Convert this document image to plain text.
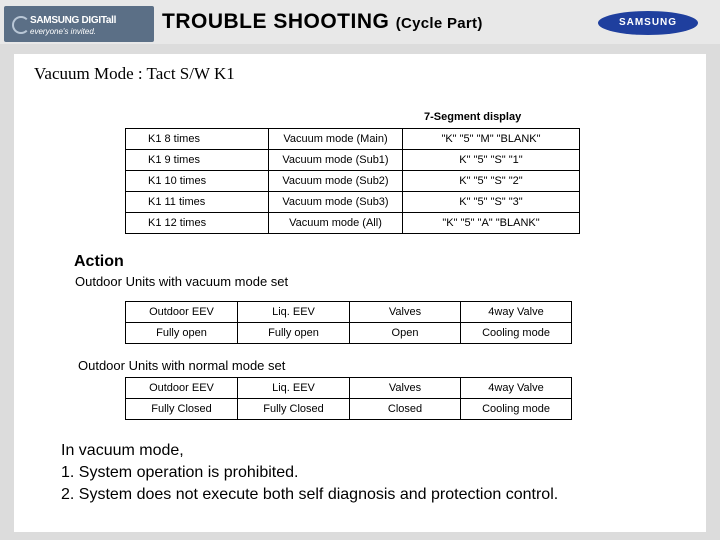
SAMSUNG DIGITall
everyone's invited.	TROUBLE SHOOTING (Cycle Part)	SAMSUNG
Vacuum Mode : Tact S/W K1
7-Segment display
K1 8 times	Vacuum mode (Main)	"K" "5" "M" "BLANK"
K1 9 times	Vacuum mode (Sub1)	K" "5" "S" "1"
K1 10 times	Vacuum mode (Sub2)	K" "5" "S" "2"
K1 11 times	Vacuum mode (Sub3)	K" "5" "S" "3"
K1 12 times	Vacuum mode (All)	"K" "5" "A" "BLANK"
Action
Outdoor Units with vacuum mode set
Outdoor EEV	Liq. EEV	Valves	4way Valve
Fully open	Fully open	Open	Cooling mode
Outdoor Units with normal mode set
Outdoor EEV	Liq. EEV	Valves	4way Valve
Fully Closed	Fully Closed	Closed	Cooling mode
In vacuum mode,
1. System operation is prohibited.
2. System does not execute both self diagnosis and protection control.
